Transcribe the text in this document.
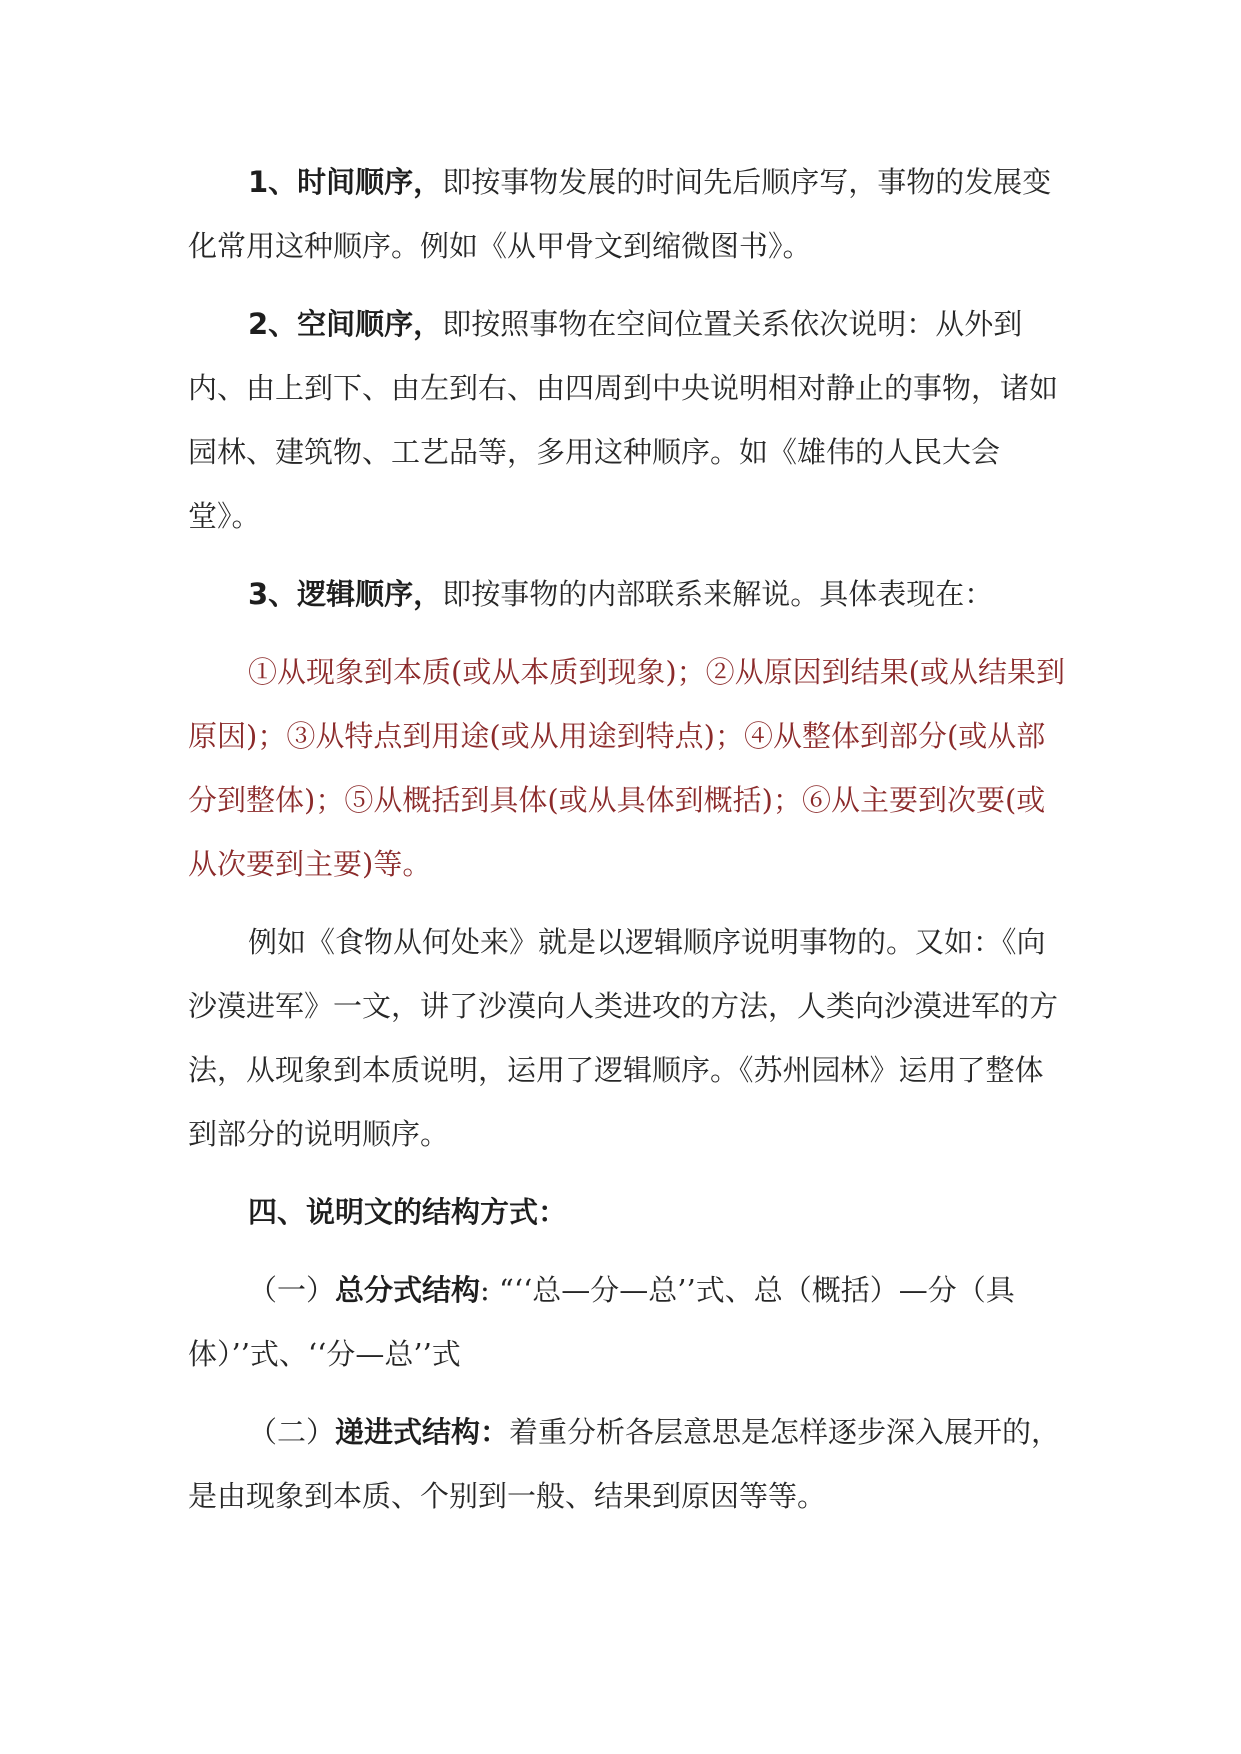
1、时间顺序，即按事物发展的时间先后顺序写，事物的发展变化常用这种顺序。例如《从甲骨文到缩微图书》。

2、空间顺序，即按照事物在空间位置关系依次说明：从外到内、由上到下、由左到右、由四周到中央说明相对静止的事物，诸如园林、建筑物、工艺品等，多用这种顺序。如《雄伟的人民大会堂》。

3、逻辑顺序，即按事物的内部联系来解说。具体表现在：

①从现象到本质(或从本质到现象)；②从原因到结果(或从结果到原因)；③从特点到用途(或从用途到特点)；④从整体到部分(或从部分到整体)；⑤从概括到具体(或从具体到概括)；⑥从主要到次要(或从次要到主要)等。

例如《食物从何处来》就是以逻辑顺序说明事物的。又如：《向沙漠进军》一文，讲了沙漠向人类进攻的方法，人类向沙漠进军的方法，从现象到本质说明，运用了逻辑顺序。《苏州园林》运用了整体到部分的说明顺序。

四、说明文的结构方式：

（一）总分式结构: “‘‘总—分—总’’式、总（概括）—分（具体）’’式、‘‘分—总’’式

（二）递进式结构：着重分析各层意思是怎样逐步深入展开的，是由现象到本质、个别到一般、结果到原因等等。
